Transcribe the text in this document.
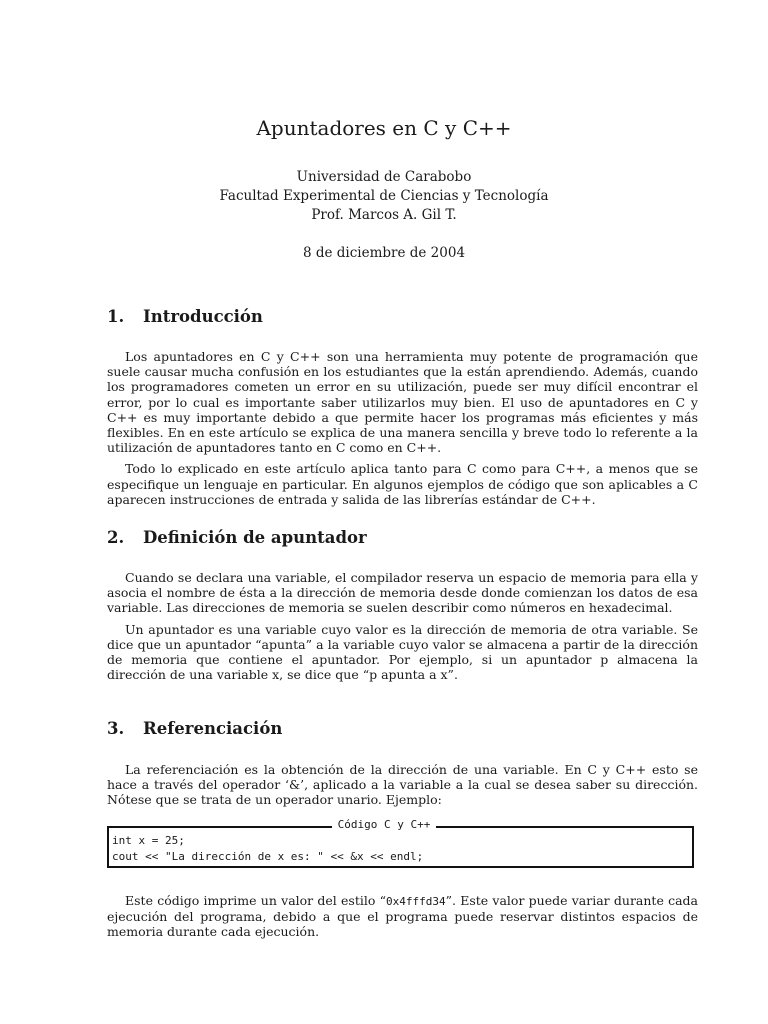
Apuntadores en C y C++
Universidad de Carabobo
Facultad Experimental de Ciencias y Tecnología
Prof. Marcos A. Gil T.
8 de diciembre de 2004
1. Introducción

Los apuntadores en C y C++ son una herramienta muy potente de programación que suele causar mucha confusión en los estudiantes que la están aprendiendo. Además, cuando los programadores cometen un error en su utilización, puede ser muy difícil encontrar el error, por lo cual es importante saber utilizarlos muy bien. El uso de apuntadores en C y C++ es muy importante debido a que permite hacer los programas más eficientes y más flexibles. En en este artículo se explica de una manera sencilla y breve todo lo referente a la utilización de apuntadores tanto en C como en C++.

Todo lo explicado en este artículo aplica tanto para C como para C++, a menos que se especifique un lenguaje en particular. En algunos ejemplos de código que son aplicables a C aparecen instrucciones de entrada y salida de las librerías estándar de C++.

2. Definición de apuntador

Cuando se declara una variable, el compilador reserva un espacio de memoria para ella y asocia el nombre de ésta a la dirección de memoria desde donde comienzan los datos de esa variable. Las direcciones de memoria se suelen describir como números en hexadecimal.

Un apuntador es una variable cuyo valor es la dirección de memoria de otra variable. Se dice que un apuntador “apunta” a la variable cuyo valor se almacena a partir de la dirección de memoria que contiene el apuntador. Por ejemplo, si un apuntador p almacena la dirección de una variable x, se dice que “p apunta a x”.

3. Referenciación

La referenciación es la obtención de la dirección de una variable. En C y C++ esto se hace a través del operador ‘&’, aplicado a la variable a la cual se desea saber su dirección. Nótese que se trata de un operador unario. Ejemplo:

Código C y C++
int x = 25;
cout << "La dirección de x es: " << &x << endl;

Este código imprime un valor del estilo “0x4fffd34”. Este valor puede variar durante cada ejecución del programa, debido a que el programa puede reservar distintos espacios de memoria durante cada ejecución.
